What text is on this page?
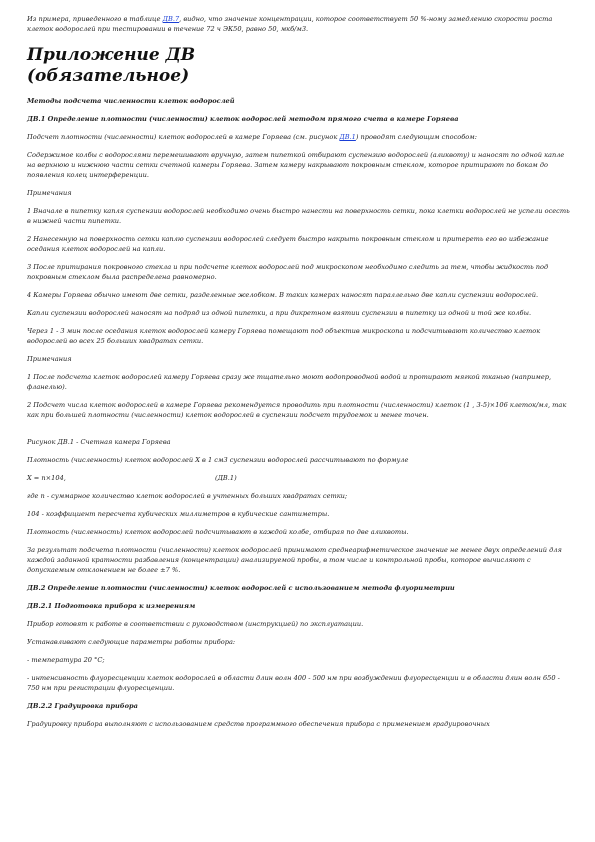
Из примера, приведенного в таблице ДВ.7, видно, что значение концентрации, которое соответствует 50 %-ному замедлению скорости роста клеток водорослей при тестировании в течение 72 ч ЭК50, равно 50, мкб/м3.

Приложение ДВ
(обязательное)

Методы подсчета численности клеток водорослей

ДВ.1 Определение плотности (численности) клеток водорослей методом прямого счета в камере Горяева

Подсчет плотности (численности) клеток водорослей в камере Горяева (см. рисунок ДВ.1) проводят следующим способом:

Содержимое колбы с водорослями перемешивают вручную, затем пипеткой отбирают суспензию водорослей (аликвоту) и наносят по одной капле на верхнюю и нижнюю части сетки счетной камеры Горяева. Затем камеру накрывают покровным стеклом, которое притирают по бокам до появления колец интерференции.

Примечания

1 Вначале в пипетку капля суспензии водорослей необходимо очень быстро нанести на поверхность сетки, пока клетки водорослей не успели осесть в нижней части пипетки.

2 Нанесенную на поверхность сетки каплю суспензии водорослей следует быстро накрыть покровным стеклом и притереть его во избежание оседания клеток водорослей на капли.

3 После притирания покровного стекла и при подсчете клеток водорослей под микроскопом необходимо следить за тем, чтобы жидкость под покровным стеклом была распределена равномерно.

4 Камеры Горяева обычно имеют две сетки, разделенные желобком. В таких камерах наносят параллельно две капли суспензии водорослей.

Капли суспензии водорослей наносят на подряд из одной пипетки, а при дикретном взятии суспензии в пипетку из одной и той же колбы.

Через 1 - 3 мин после оседания клеток водорослей камеру Горяева помещают под объектив микроскопа и подсчитывают количество клеток водорослей во всех 25 больших квадратах сетки.

Примечания

1 После подсчета клеток водорослей камеру Горяева сразу же тщательно моют водопроводной водой и протирают мягкой тканью (например, фланелью).

2 Подсчет числа клеток водорослей в камере Горяева рекомендуется проводить при плотности (численности) клеток (1 , 3-5)×106 клеток/мл, так как при большей плотности (численности) клеток водорослей в суспензии подсчет трудоемок и менее точен.

Рисунок ДВ.1 - Счетная камера Горяева

Плотность (численность) клеток водорослей X в 1 см3 суспензии водорослей рассчитывают по формуле

X = n×104,	(ДВ.1)

где n - суммарное количество клеток водорослей в учтенных больших квадратах сетки;

104 - коэффициент пересчета кубических миллиметров в кубические сантиметры.

Плотность (численность) клеток водорослей подсчитывают в каждой колбе, отбирая по две аликвоты.

За результат подсчета плотности (численности) клеток водорослей принимают среднеарифметическое значение не менее двух определений для каждой заданной кратности разбавления (концентрации) анализируемой пробы, в том числе и контрольной пробы, которое вычисляют с допускаемым отклонением не более ±7 %.

ДВ.2 Определение плотности (численности) клеток водорослей с использованием метода флуориметрии

ДВ.2.1 Подготовка прибора к измерениям

Прибор готовят к работе в соответствии с руководством (инструкцией) по эксплуатации.

Устанавливают следующие параметры работы прибора:

- температура 20 °С;

- интенсивность флуоресценции клеток водорослей в области длин волн 400 - 500 нм при возбуждении флуоресценции и в области длин волн 650 - 750 нм при регистрации флуоресценции.

ДВ.2.2 Градуировка прибора

Градуировку прибора выполняют с использованием средств программного обеспечения прибора с применением градуировочных
